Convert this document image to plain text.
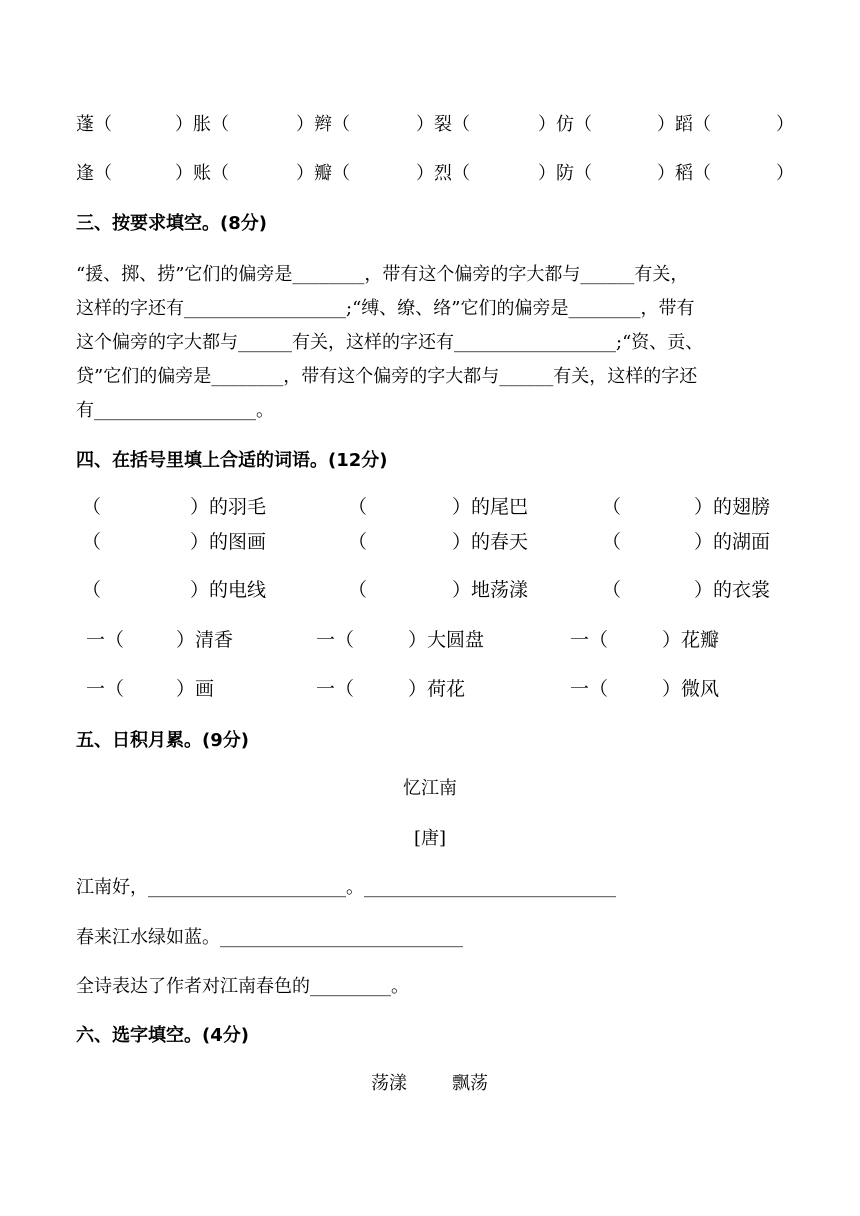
蓬（	）胀（	）辫（	）裂（	）仿（	）蹈（	）
逢（	）账（	）瓣（	）烈（	）防（	）稻（	）
三、按要求填空。(8分)
“援、掷、捞”它们的偏旁是________，带有这个偏旁的字大都与______有关，
这样的字还有__________________;“缚、缭、络”它们的偏旁是________，带有
这个偏旁的字大都与______有关，这样的字还有__________________;“资、贡、
贷”它们的偏旁是________，带有这个偏旁的字大都与______有关，这样的字还
有__________________。
四、在括号里填上合适的词语。(12分)
（	）的羽毛	（	）的尾巴	（	）的翅膀
（	）的图画	（	）的春天	（	）的湖面
（	）的电线	（	）地荡漾	（	）的衣裳
一（	）清香	一（	）大圆盘	一（	）花瓣
一（	）画	一（	）荷花	一（	）微风
五、日积月累。(9分)
忆江南
[唐]
江南好，______________________。____________________________
春来江水绿如蓝。___________________________
全诗表达了作者对江南春色的_________。
六、选字填空。(4分)
荡漾	飘荡
